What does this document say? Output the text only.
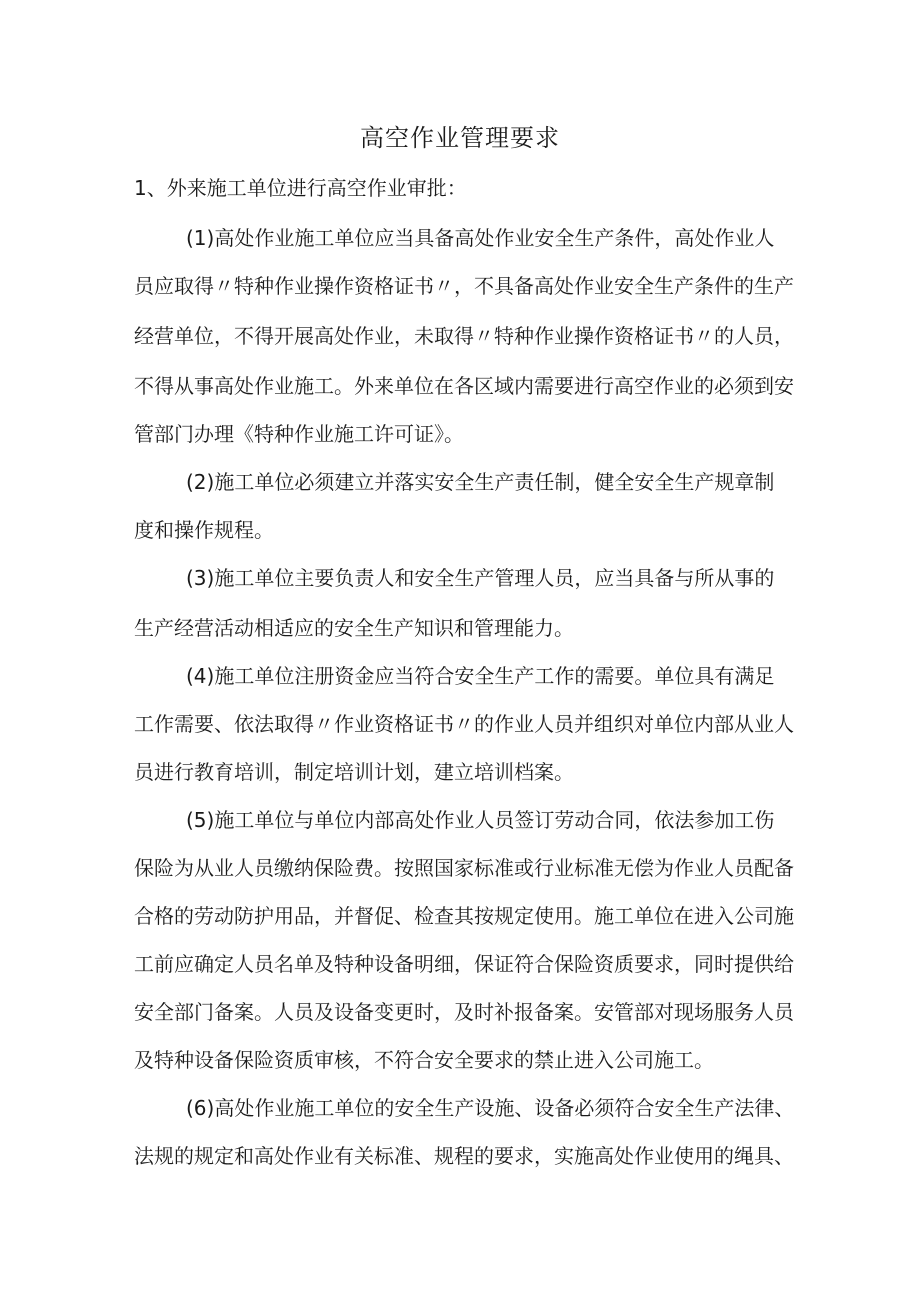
高空作业管理要求
1、外来施工单位进行高空作业审批：
(1)高处作业施工单位应当具备高处作业安全生产条件，高处作业人
员应取得〃特种作业操作资格证书〃，不具备高处作业安全生产条件的生产
经营单位，不得开展高处作业，未取得〃特种作业操作资格证书〃的人员，
不得从事高处作业施工。外来单位在各区域内需要进行高空作业的必须到安
管部门办理《特种作业施工许可证》。
(2)施工单位必须建立并落实安全生产责任制，健全安全生产规章制
度和操作规程。
(3)施工单位主要负责人和安全生产管理人员，应当具备与所从事的
生产经营活动相适应的安全生产知识和管理能力。
(4)施工单位注册资金应当符合安全生产工作的需要。单位具有满足
工作需要、依法取得〃作业资格证书〃的作业人员并组织对单位内部从业人
员进行教育培训，制定培训计划，建立培训档案。
(5)施工单位与单位内部高处作业人员签订劳动合同，依法参加工伤
保险为从业人员缴纳保险费。按照国家标准或行业标准无偿为作业人员配备
合格的劳动防护用品，并督促、检查其按规定使用。施工单位在进入公司施
工前应确定人员名单及特种设备明细，保证符合保险资质要求，同时提供给
安全部门备案。人员及设备变更时，及时补报备案。安管部对现场服务人员
及特种设备保险资质审核，不符合安全要求的禁止进入公司施工。
(6)高处作业施工单位的安全生产设施、设备必须符合安全生产法律、
法规的规定和高处作业有关标准、规程的要求，实施高处作业使用的绳具、
